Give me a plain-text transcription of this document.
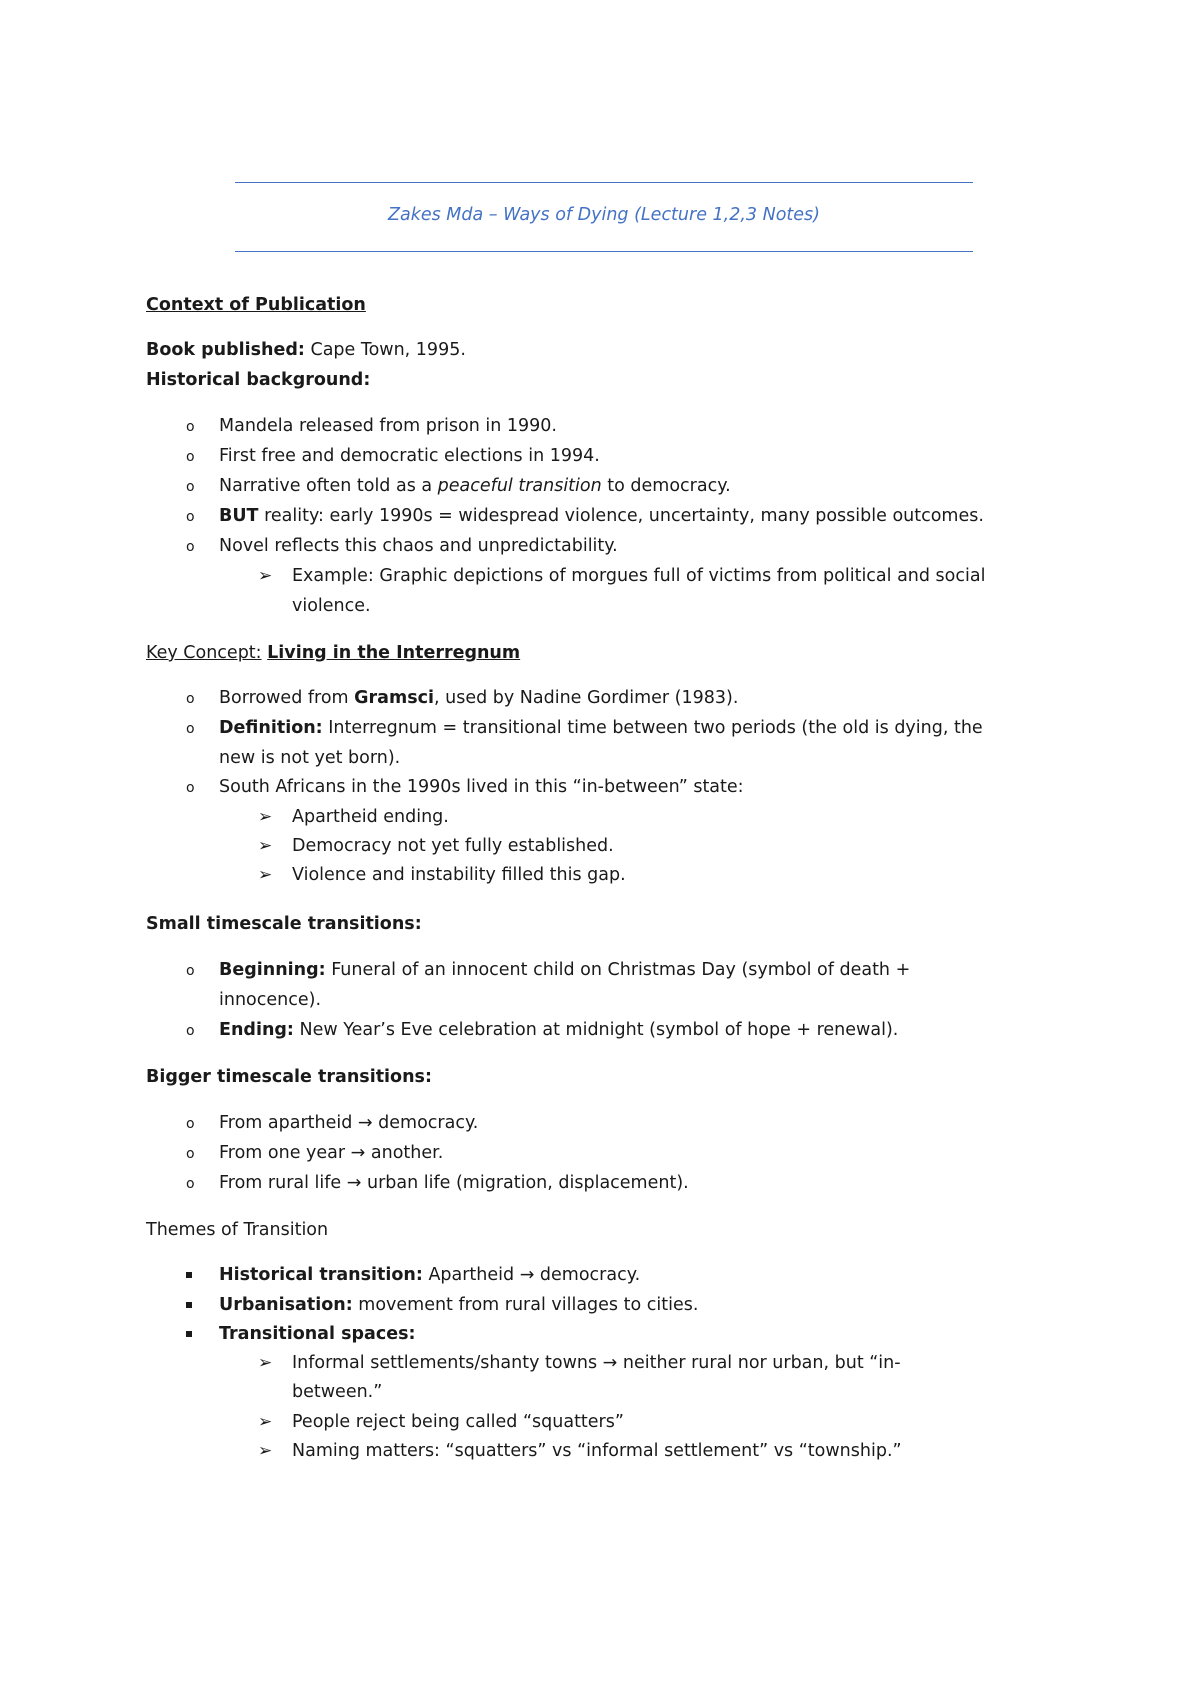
Zakes Mda – Ways of Dying (Lecture 1,2,3 Notes)
Context of Publication
Book published: Cape Town, 1995.
Historical background:
o Mandela released from prison in 1990.
o First free and democratic elections in 1994.
o Narrative often told as a peaceful transition to democracy.
o BUT reality: early 1990s = widespread violence, uncertainty, many possible outcomes.
o Novel reflects this chaos and unpredictability.
➢ Example: Graphic depictions of morgues full of victims from political and social
violence.
Key Concept: Living in the Interregnum
o Borrowed from Gramsci, used by Nadine Gordimer (1983).
o Definition: Interregnum = transitional time between two periods (the old is dying, the
new is not yet born).
o South Africans in the 1990s lived in this “in-between” state:
➢ Apartheid ending.
➢ Democracy not yet fully established.
➢ Violence and instability filled this gap.
Small timescale transitions:
o Beginning: Funeral of an innocent child on Christmas Day (symbol of death +
innocence).
o Ending: New Year’s Eve celebration at midnight (symbol of hope + renewal).
Bigger timescale transitions:
o From apartheid → democracy.
o From one year → another.
o From rural life → urban life (migration, displacement).
Themes of Transition
Historical transition: Apartheid → democracy.
Urbanisation: movement from rural villages to cities.
Transitional spaces:
➢ Informal settlements/shanty towns → neither rural nor urban, but “in-
between.”
➢ People reject being called “squatters”
➢ Naming matters: “squatters” vs “informal settlement” vs “township.”
